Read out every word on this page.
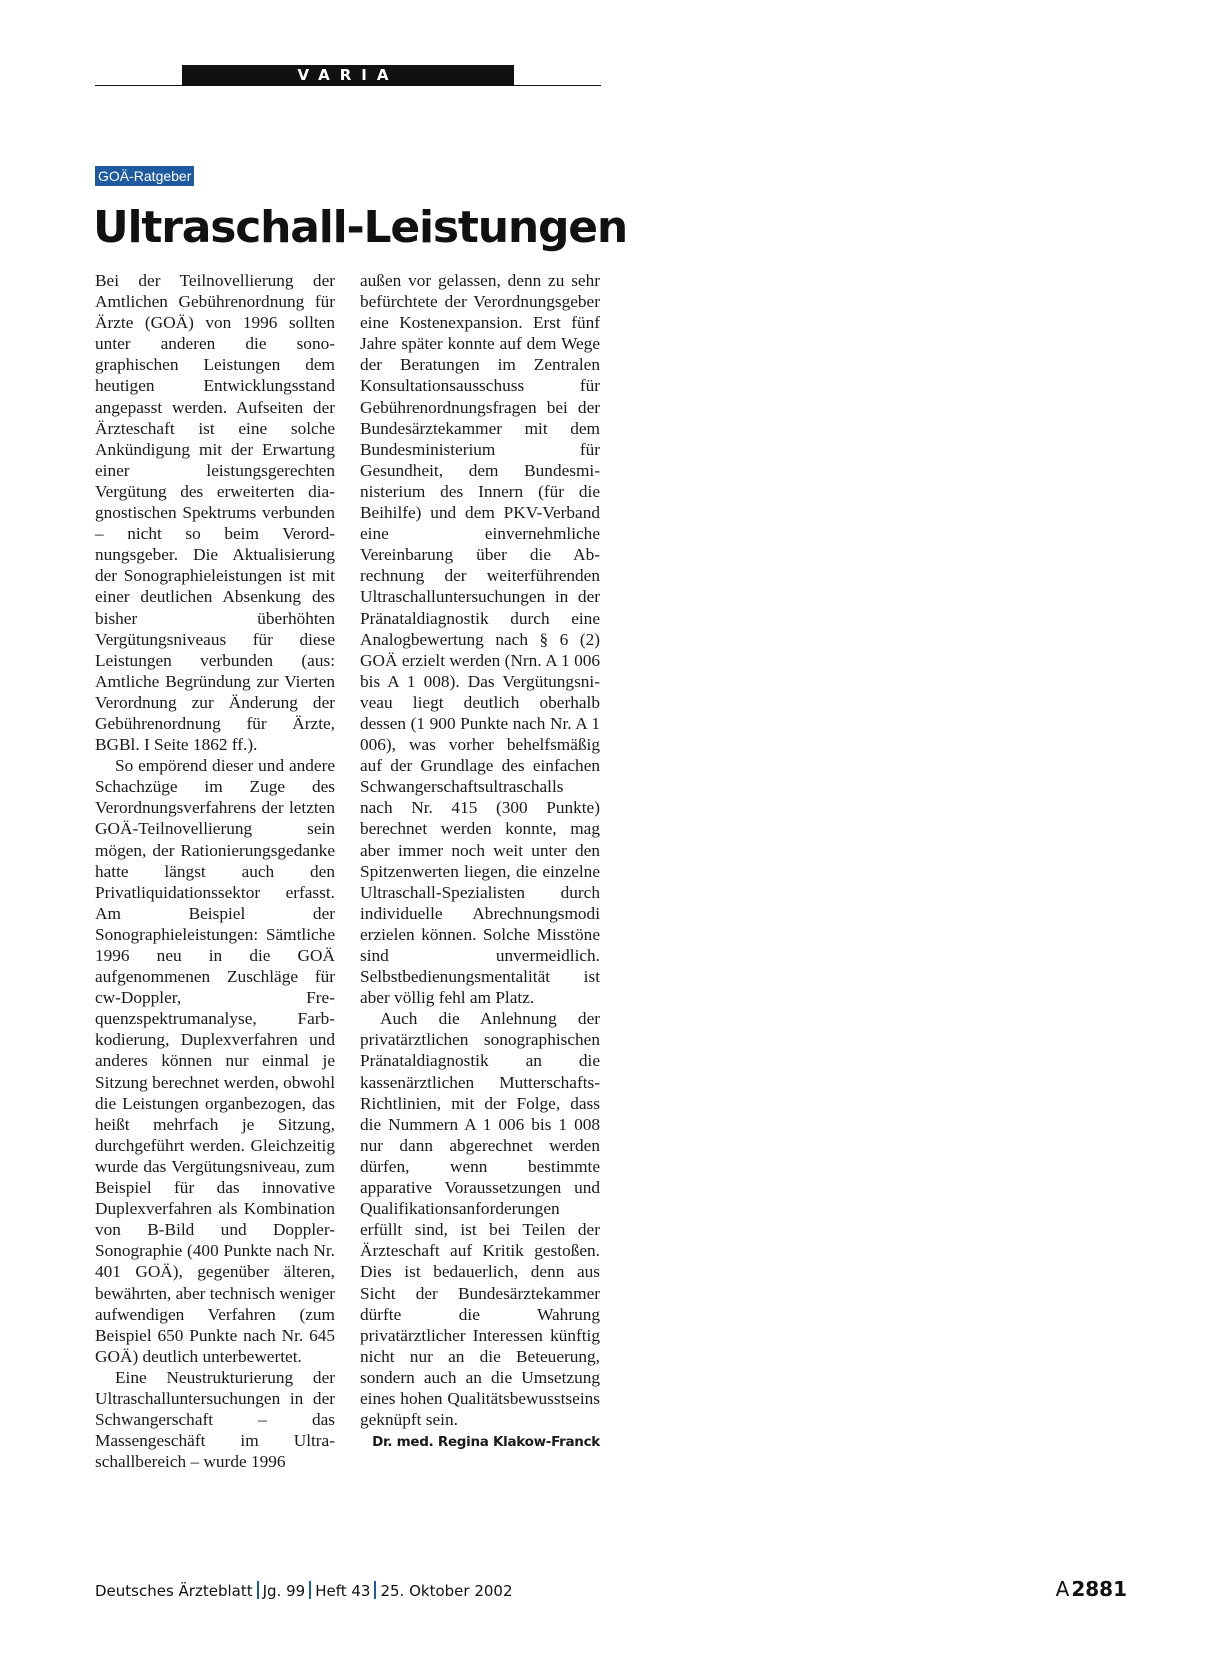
VARIA
GOÄ-Ratgeber
Ultraschall-Leistungen

Bei der Teilnovellierung der Amtlichen Gebührenordnung für Ärzte (GOÄ) von 1996 sollten unter anderen die sonographischen Leistungen dem heutigen Entwicklungsstand angepasst werden. Aufseiten der Ärzteschaft ist eine solche Ankündigung mit der Erwartung einer leistungsgerechten Vergütung des erweiterten diagnostischen Spektrums verbunden – nicht so beim Verordnungsgeber. Die Aktualisierung der Sonographieleistungen ist mit einer deutlichen Absenkung des bisher überhöhten Vergütungsniveaus für diese Leistungen verbunden (aus: Amtliche Begründung zur Vierten Verordnung zur Änderung der Gebührenordnung für Ärzte, BGBl. I Seite 1862 ff.).

So empörend dieser und andere Schachzüge im Zuge des Verordnungsverfahrens der letzten GOÄ-Teilnovellierung sein mögen, der Rationierungsgedanke hatte längst auch den Privatliquidationssektor erfasst. Am Beispiel der Sonographieleistungen: Sämtliche 1996 neu in die GOÄ aufgenommenen Zuschläge für cw-Doppler, Frequenzspektrumanalyse, Farbkodierung, Duplexverfahren und anderes können nur einmal je Sitzung berechnet werden, obwohl die Leistungen organbezogen, das heißt mehrfach je Sitzung, durchgeführt werden. Gleichzeitig wurde das Vergütungsniveau, zum Beispiel für das innovative Duplexverfahren als Kombination von B-Bild und Doppler-Sonographie (400 Punkte nach Nr. 401 GOÄ), gegenüber älteren, bewährten, aber technisch weniger aufwendigen Verfahren (zum Beispiel 650 Punkte nach Nr. 645 GOÄ) deutlich unterbewertet.

Eine Neustrukturierung der Ultraschalluntersuchungen in der Schwangerschaft – das Massengeschäft im Ultraschallbereich – wurde 1996

außen vor gelassen, denn zu sehr befürchtete der Verordnungsgeber eine Kostenexpansion. Erst fünf Jahre später konnte auf dem Wege der Beratungen im Zentralen Konsultationsausschuss für Gebührenordnungsfragen bei der Bundesärztekammer mit dem Bundesministerium für Gesundheit, dem Bundesministerium des Innern (für die Beihilfe) und dem PKV-Verband eine einvernehmliche Vereinbarung über die Abrechnung der weiterführenden Ultraschalluntersuchungen in der Pränataldiagnostik durch eine Analogbewertung nach § 6 (2) GOÄ erzielt werden (Nrn. A 1 006 bis A 1 008). Das Vergütungsniveau liegt deutlich oberhalb dessen (1 900 Punkte nach Nr. A 1 006), was vorher behelfsmäßig auf der Grundlage des einfachen Schwangerschaftsultraschalls nach Nr. 415 (300 Punkte) berechnet werden konnte, mag aber immer noch weit unter den Spitzenwerten liegen, die einzelne Ultraschall-Spezialisten durch individuelle Abrechnungsmodi erzielen können. Solche Misstöne sind unvermeidlich. Selbstbedienungsmentalität ist aber völlig fehl am Platz.

Auch die Anlehnung der privatärztlichen sonographischen Pränataldiagnostik an die kassenärztlichen Mutterschafts-Richtlinien, mit der Folge, dass die Nummern A 1 006 bis 1 008 nur dann abgerechnet werden dürfen, wenn bestimmte apparative Voraussetzungen und Qualifikationsanforderungen erfüllt sind, ist bei Teilen der Ärzteschaft auf Kritik gestoßen. Dies ist bedauerlich, denn aus Sicht der Bundesärztekammer dürfte die Wahrung privatärztlicher Interessen künftig nicht nur an die Beteuerung, sondern auch an die Umsetzung eines hohen Qualitätsbewusstseins geknüpft sein.

Dr. med. Regina Klakow-Franck

Deutsches Ärzteblatt Jg. 99 Heft 43 25. Oktober 2002	A 2881
